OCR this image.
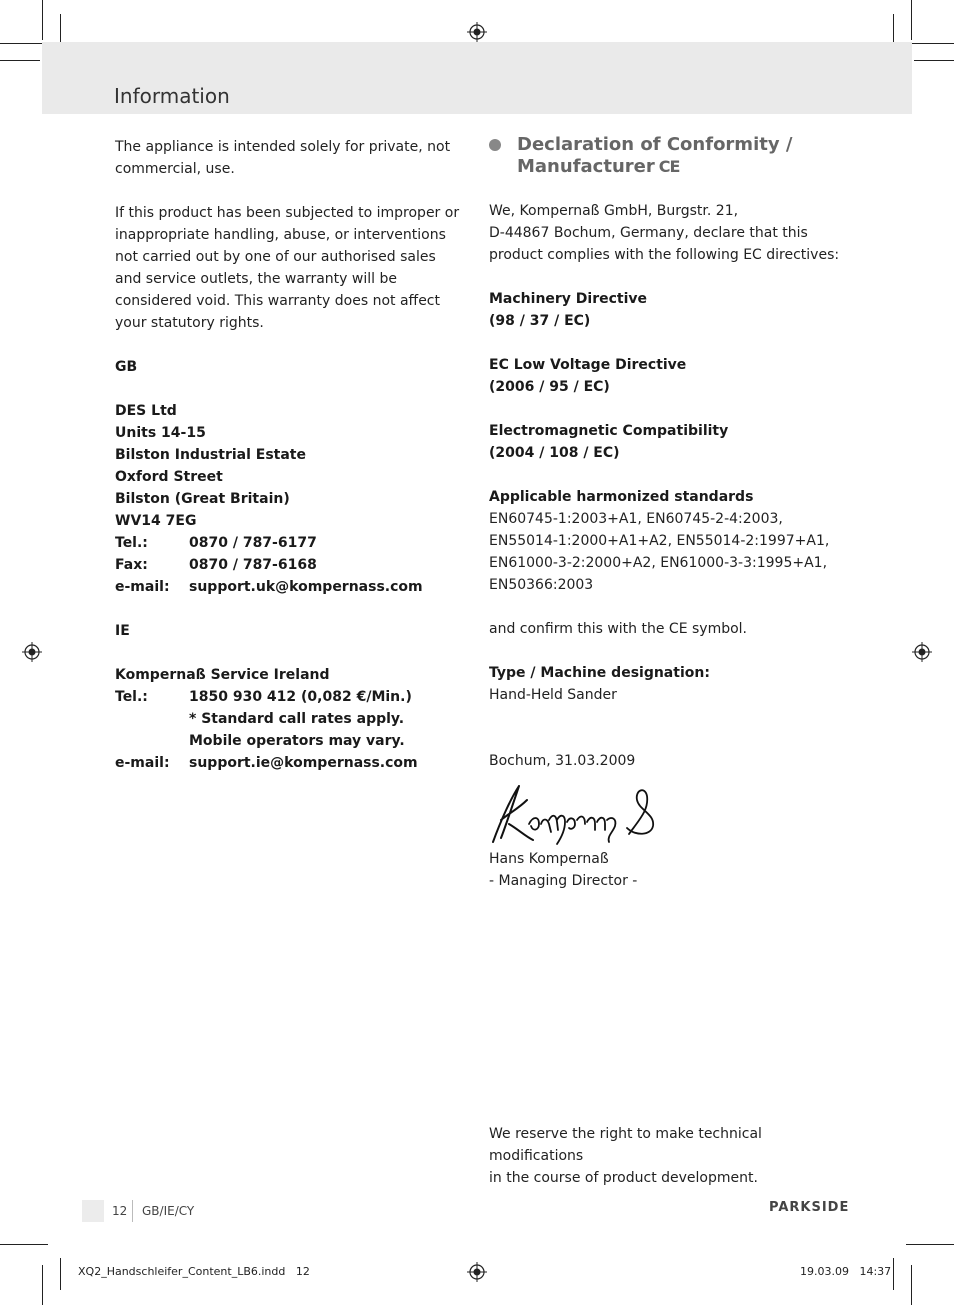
Information

The appliance is intended solely for private, not commercial, use.

If this product has been subjected to improper or inappropriate handling, abuse, or interventions not carried out by one of our authorised sales and service outlets, the warranty will be considered void. This warranty does not affect your statutory rights.

GB

DES Ltd

Units 14-15

Bilston Industrial Estate

Oxford Street

Bilston (Great Britain)

WV14 7EG

Tel.:	0870 / 787-6177
Fax:	0870 / 787-6168
e-mail:	support.uk@kompernass.com

IE

Kompernaß Service Ireland

Tel.:	1850 930 412 (0,082 €/Min.)
* Standard call rates apply.
Mobile operators may vary.
e-mail:	support.ie@kompernass.com
Declaration of Conformity /
Manufacturer CE

We, Kompernaß GmbH, Burgstr. 21,

D-44867 Bochum, Germany, declare that this

product complies with the following EC directives:

Machinery Directive

(98 / 37 / EC)

EC Low Voltage Directive

(2006 / 95 / EC)

Electromagnetic Compatibility

(2004 / 108 / EC)

Applicable harmonized standards

EN60745-1:2003+A1, EN60745-2-4:2003,

EN55014-1:2000+A1+A2, EN55014-2:1997+A1,

EN61000-3-2:2000+A2, EN61000-3-3:1995+A1,

EN50366:2003

and confirm this with the CE symbol.

Type / Machine designation:

Hand-Held Sander

Bochum, 31.03.2009

Hans Kompernaß

- Managing Director -

We reserve the right to make technical modifications

in the course of product development.

12 GB/IE/CY	PARKSIDE
XQ2_Handschleifer_Content_LB6.indd   12	19.03.09   14:37
